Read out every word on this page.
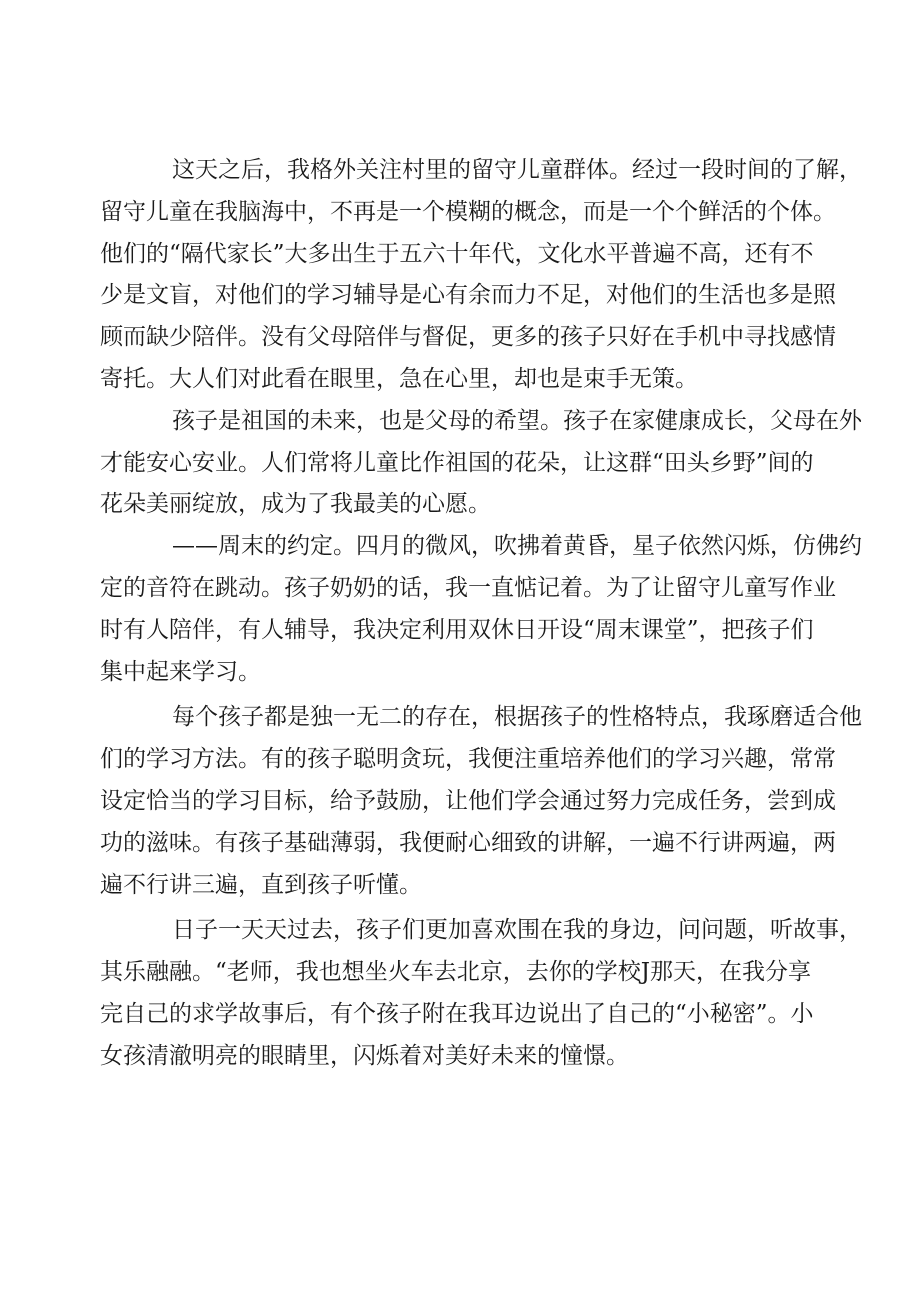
这天之后，我格外关注村里的留守儿童群体。经过一段时间的了解，
留守儿童在我脑海中，不再是一个模糊的概念，而是一个个鲜活的个体。
他们的“隔代家长”大多出生于五六十年代，文化水平普遍不高，还有不
少是文盲，对他们的学习辅导是心有余而力不足，对他们的生活也多是照
顾而缺少陪伴。没有父母陪伴与督促，更多的孩子只好在手机中寻找感情
寄托。大人们对此看在眼里，急在心里，却也是束手无策。
孩子是祖国的未来，也是父母的希望。孩子在家健康成长，父母在外
才能安心安业。人们常将儿童比作祖国的花朵，让这群“田头乡野”间的
花朵美丽绽放，成为了我最美的心愿。
——周末的约定。四月的微风，吹拂着黄昏，星子依然闪烁，仿佛约
定的音符在跳动。孩子奶奶的话，我一直惦记着。为了让留守儿童写作业
时有人陪伴，有人辅导，我决定利用双休日开设“周末课堂”，把孩子们
集中起来学习。
每个孩子都是独一无二的存在，根据孩子的性格特点，我琢磨适合他
们的学习方法。有的孩子聪明贪玩，我便注重培养他们的学习兴趣，常常
设定恰当的学习目标，给予鼓励，让他们学会通过努力完成任务，尝到成
功的滋味。有孩子基础薄弱，我便耐心细致的讲解，一遍不行讲两遍，两
遍不行讲三遍，直到孩子听懂。
日子一天天过去，孩子们更加喜欢围在我的身边，问问题，听故事，
其乐融融。“老师，我也想坐火车去北京，去你的学校J那天，在我分享
完自己的求学故事后，有个孩子附在我耳边说出了自己的“小秘密”。小
女孩清澈明亮的眼睛里，闪烁着对美好未来的憧憬。
